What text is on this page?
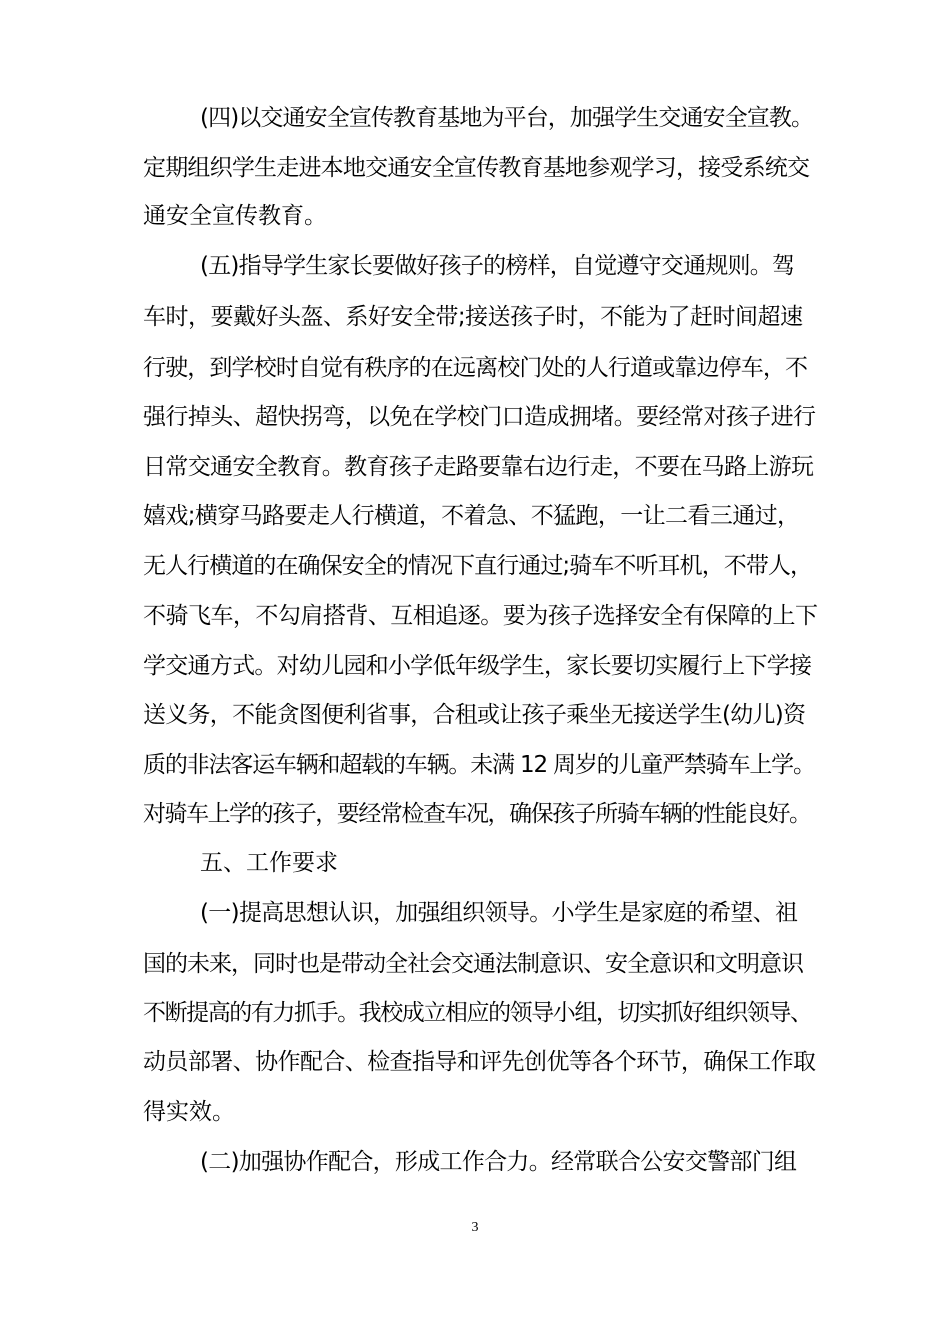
(四)以交通安全宣传教育基地为平台，加强学生交通安全宣教。
定期组织学生走进本地交通安全宣传教育基地参观学习，接受系统交
通安全宣传教育。
(五)指导学生家长要做好孩子的榜样，自觉遵守交通规则。驾
车时，要戴好头盔、系好安全带;接送孩子时，不能为了赶时间超速
行驶，到学校时自觉有秩序的在远离校门处的人行道或靠边停车，不
强行掉头、超快拐弯，以免在学校门口造成拥堵。要经常对孩子进行
日常交通安全教育。教育孩子走路要靠右边行走，不要在马路上游玩
嬉戏;横穿马路要走人行横道，不着急、不猛跑，一让二看三通过，
无人行横道的在确保安全的情况下直行通过;骑车不听耳机，不带人，
不骑飞车，不勾肩搭背、互相追逐。要为孩子选择安全有保障的上下
学交通方式。对幼儿园和小学低年级学生，家长要切实履行上下学接
送义务，不能贪图便利省事，合租或让孩子乘坐无接送学生(幼儿)资
质的非法客运车辆和超载的车辆。未满 12 周岁的儿童严禁骑车上学。
对骑车上学的孩子，要经常检查车况，确保孩子所骑车辆的性能良好。
五、工作要求
(一)提高思想认识，加强组织领导。小学生是家庭的希望、祖
国的未来，同时也是带动全社会交通法制意识、安全意识和文明意识
不断提高的有力抓手。我校成立相应的领导小组，切实抓好组织领导、
动员部署、协作配合、检查指导和评先创优等各个环节，确保工作取
得实效。
(二)加强协作配合，形成工作合力。经常联合公安交警部门组
3
